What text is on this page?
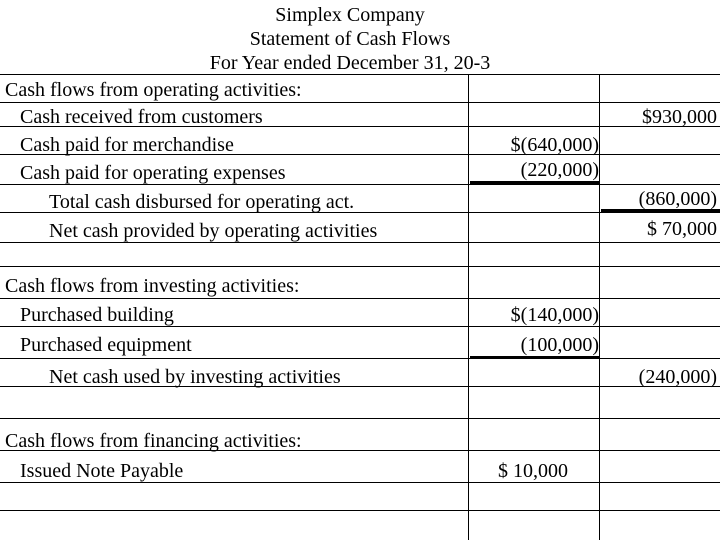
Simplex Company
Statement of Cash Flows
For Year ended December 31, 20-3
Cash flows from operating activities:
Cash received from customers	$930,000
Cash paid for merchandise	$(640,000)
Cash paid for operating expenses	(220,000)
Total cash disbursed for operating act.	(860,000)
Net cash provided by operating activities	$ 70,000
Cash flows from investing activities:
Purchased building	$(140,000)
Purchased equipment	(100,000)
Net cash used by investing activities	(240,000)
Cash flows from financing activities:
Issued Note Payable	$ 10,000
